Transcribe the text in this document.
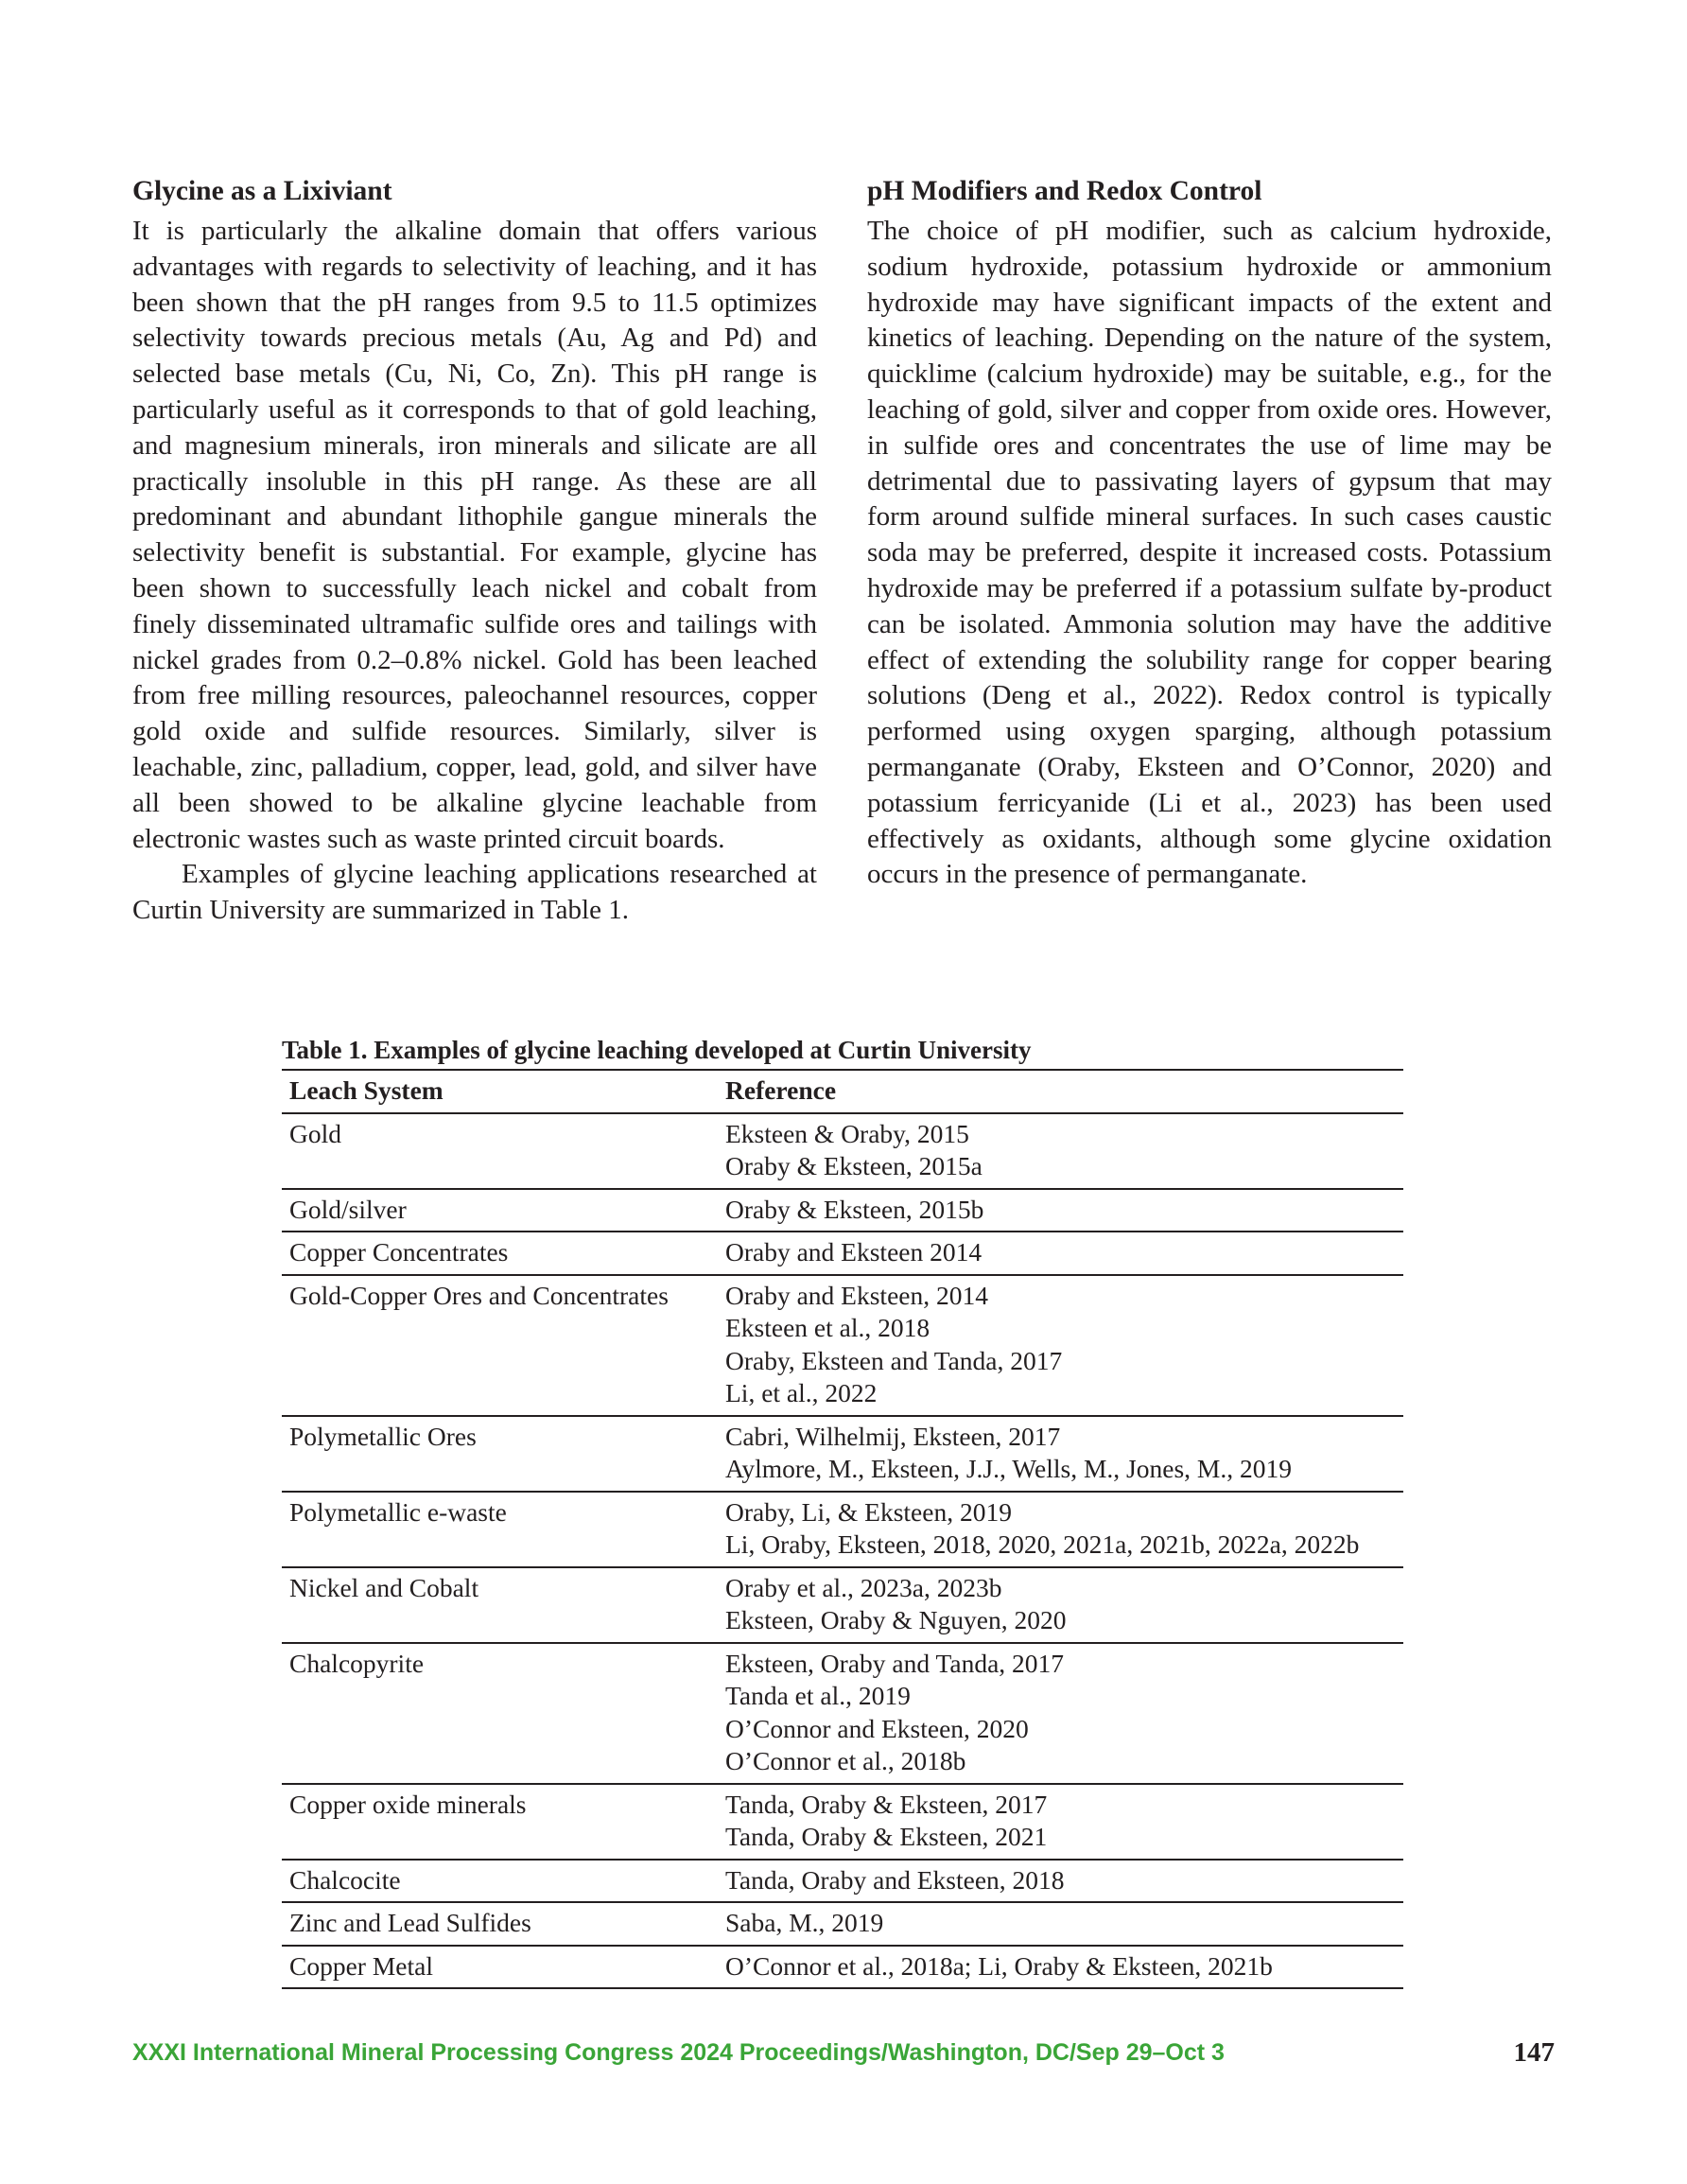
Glycine as a Lixiviant

It is particularly the alkaline domain that offers various advantages with regards to selectivity of leaching, and it has been shown that the pH ranges from 9.5 to 11.5 optimizes selectivity towards precious metals (Au, Ag and Pd) and selected base metals (Cu, Ni, Co, Zn). This pH range is particularly useful as it corresponds to that of gold leaching, and magnesium minerals, iron minerals and silicate are all practically insoluble in this pH range. As these are all predominant and abundant lithophile gangue minerals the selectivity benefit is substantial. For example, glycine has been shown to successfully leach nickel and cobalt from finely disseminated ultramafic sulfide ores and tailings with nickel grades from 0.2–0.8% nickel. Gold has been leached from free milling resources, paleochannel resources, copper gold oxide and sulfide resources. Similarly, silver is leachable, zinc, palladium, copper, lead, gold, and silver have all been showed to be alkaline glycine leachable from electronic wastes such as waste printed circuit boards.

Examples of glycine leaching applications researched at Curtin University are summarized in Table 1.

pH Modifiers and Redox Control

The choice of pH modifier, such as calcium hydroxide, sodium hydroxide, potassium hydroxide or ammonium hydroxide may have significant impacts of the extent and kinetics of leaching. Depending on the nature of the system, quicklime (calcium hydroxide) may be suitable, e.g., for the leaching of gold, silver and copper from oxide ores. However, in sulfide ores and concentrates the use of lime may be detrimental due to passivating layers of gypsum that may form around sulfide mineral surfaces. In such cases caustic soda may be preferred, despite it increased costs. Potassium hydroxide may be preferred if a potassium sulfate by-product can be isolated. Ammonia solution may have the additive effect of extending the solubility range for copper bearing solutions (Deng et al., 2022). Redox control is typically performed using oxygen sparging, although potassium permanganate (Oraby, Eksteen and O’Connor, 2020) and potassium ferricyanide (Li et al., 2023) has been used effectively as oxidants, although some glycine oxidation occurs in the presence of permanganate.

Table 1. Examples of glycine leaching developed at Curtin University
Leach System	Reference
Gold	Eksteen & Oraby, 2015
Oraby & Eksteen, 2015a

Gold/silver	Oraby & Eksteen, 2015b

Copper Concentrates	Oraby and Eksteen 2014

Gold-Copper Ores and Concentrates	Oraby and Eksteen, 2014
Eksteen et al., 2018
Oraby, Eksteen and Tanda, 2017
Li, et al., 2022

Polymetallic Ores	Cabri, Wilhelmij, Eksteen, 2017
Aylmore, M., Eksteen, J.J., Wells, M., Jones, M., 2019

Polymetallic e-waste	Oraby, Li, & Eksteen, 2019
Li, Oraby, Eksteen, 2018, 2020, 2021a, 2021b, 2022a, 2022b

Nickel and Cobalt	Oraby et al., 2023a, 2023b
Eksteen, Oraby & Nguyen, 2020

Chalcopyrite	Eksteen, Oraby and Tanda, 2017
Tanda et al., 2019
O’Connor and Eksteen, 2020
O’Connor et al., 2018b

Copper oxide minerals	Tanda, Oraby & Eksteen, 2017
Tanda, Oraby & Eksteen, 2021

Chalcocite	Tanda, Oraby and Eksteen, 2018

Zinc and Lead Sulfides	Saba, M., 2019

Copper Metal	O’Connor et al., 2018a; Li, Oraby & Eksteen, 2021b
XXXI International Mineral Processing Congress 2024 Proceedings/Washington, DC/Sep 29–Oct 3	147
